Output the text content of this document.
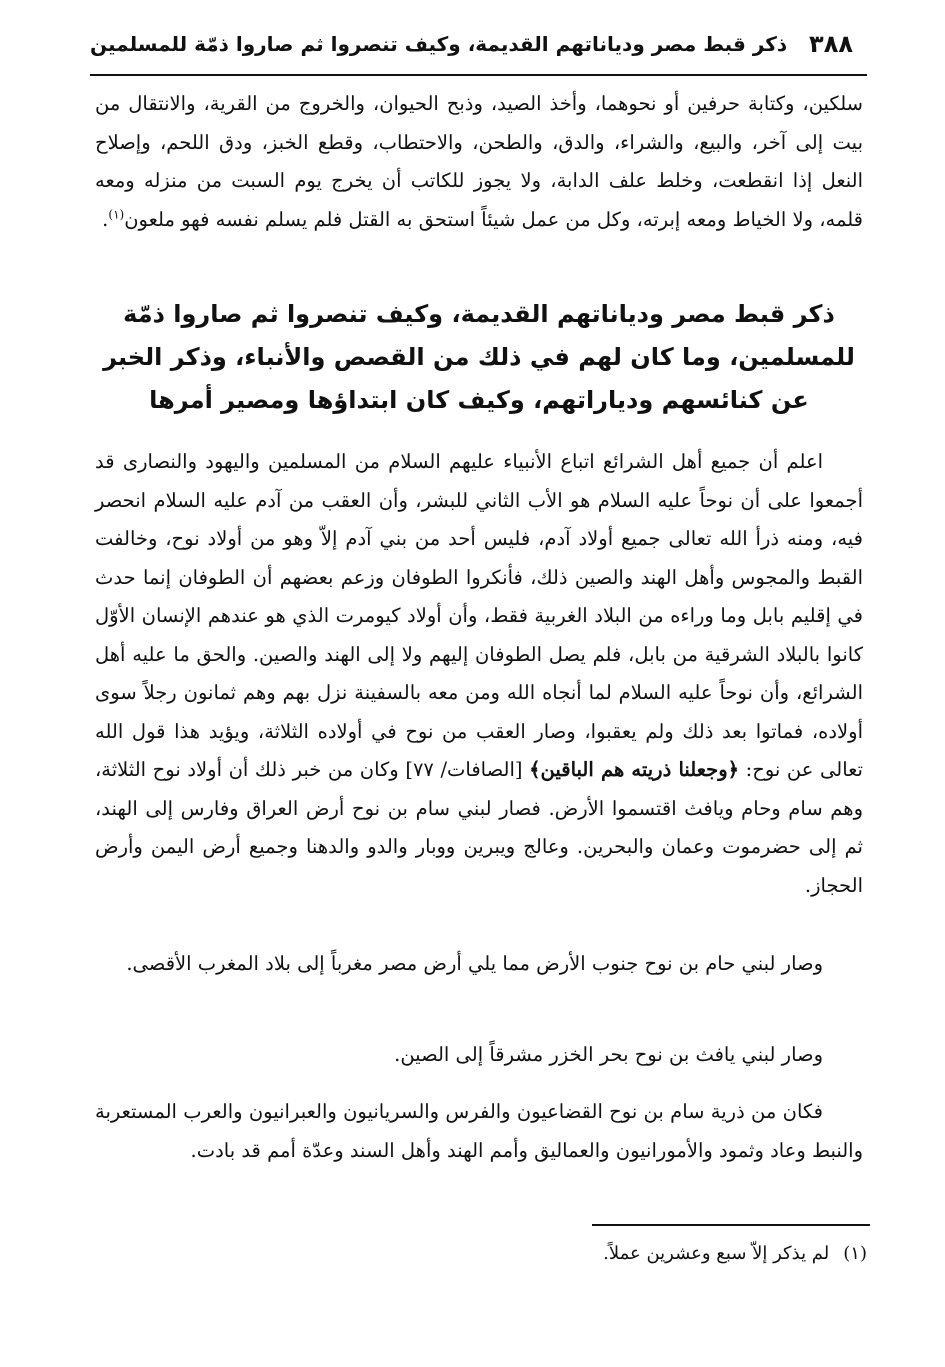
٣٨٨
ذكر قبط مصر ودياناتهم القديمة، وكيف تنصروا ثم صاروا ذمّة للمسلمين

سلكين، وكتابة حرفين أو نحوهما، وأخذ الصيد، وذبح الحيوان، والخروج من القرية، والانتقال من بيت إلى آخر، والبيع، والشراء، والدق، والطحن، والاحتطاب، وقطع الخبز، ودق اللحم، وإصلاح النعل إذا انقطعت، وخلط علف الدابة، ولا يجوز للكاتب أن يخرج يوم السبت من منزله ومعه قلمه، ولا الخياط ومعه إبرته، وكل من عمل شيئاً استحق به القتل فلم يسلم نفسه فهو ملعون$^{(١)}$.

ذكر قبط مصر ودياناتهم القديمة، وكيف تنصروا ثم صاروا ذمّة للمسلمين، وما كان لهم في ذلك من القصص والأنباء، وذكر الخبر عن كنائسهم ودياراتهم، وكيف كان ابتداؤها ومصير أمرها

اعلم أن جميع أهل الشرائع اتباع الأنبياء عليهم السلام من المسلمين واليهود والنصارى قد أجمعوا على أن نوحاً عليه السلام هو الأب الثاني للبشر، وأن العقب من آدم عليه السلام انحصر فيه، ومنه ذرأ الله تعالى جميع أولاد آدم، فليس أحد من بني آدم إلاّ وهو من أولاد نوح، وخالفت القبط والمجوس وأهل الهند والصين ذلك، فأنكروا الطوفان وزعم بعضهم أن الطوفان إنما حدث في إقليم بابل وما وراءه من البلاد الغربية فقط، وأن أولاد كيومرت الذي هو عندهم الإنسان الأوّل كانوا بالبلاد الشرقية من بابل، فلم يصل الطوفان إليهم ولا إلى الهند والصين. والحق ما عليه أهل الشرائع، وأن نوحاً عليه السلام لما أنجاه الله ومن معه بالسفينة نزل بهم وهم ثمانون رجلاً سوى أولاده، فماتوا بعد ذلك ولم يعقبوا، وصار العقب من نوح في أولاده الثلاثة، ويؤيد هذا قول الله تعالى عن نوح: ﴿وجعلنا ذريته هم الباقين﴾ [الصافات/ ٧٧] وكان من خبر ذلك أن أولاد نوح الثلاثة، وهم سام وحام ويافث اقتسموا الأرض. فصار لبني سام بن نوح أرض العراق وفارس إلى الهند، ثم إلى حضرموت وعمان والبحرين. وعالج ويبرين ووبار والدو والدهنا وجميع أرض اليمن وأرض الحجاز.

وصار لبني حام بن نوح جنوب الأرض مما يلي أرض مصر مغرباً إلى بلاد المغرب الأقصى.

وصار لبني يافث بن نوح بحر الخزر مشرقاً إلى الصين.

فكان من ذرية سام بن نوح القضاعيون والفرس والسريانيون والعبرانيون والعرب المستعربة والنبط وعاد وثمود والأمورانيون والعماليق وأمم الهند وأهل السند وعدّة أمم قد بادت.

(١)لم يذكر إلاّ سبع وعشرين عملاً.
